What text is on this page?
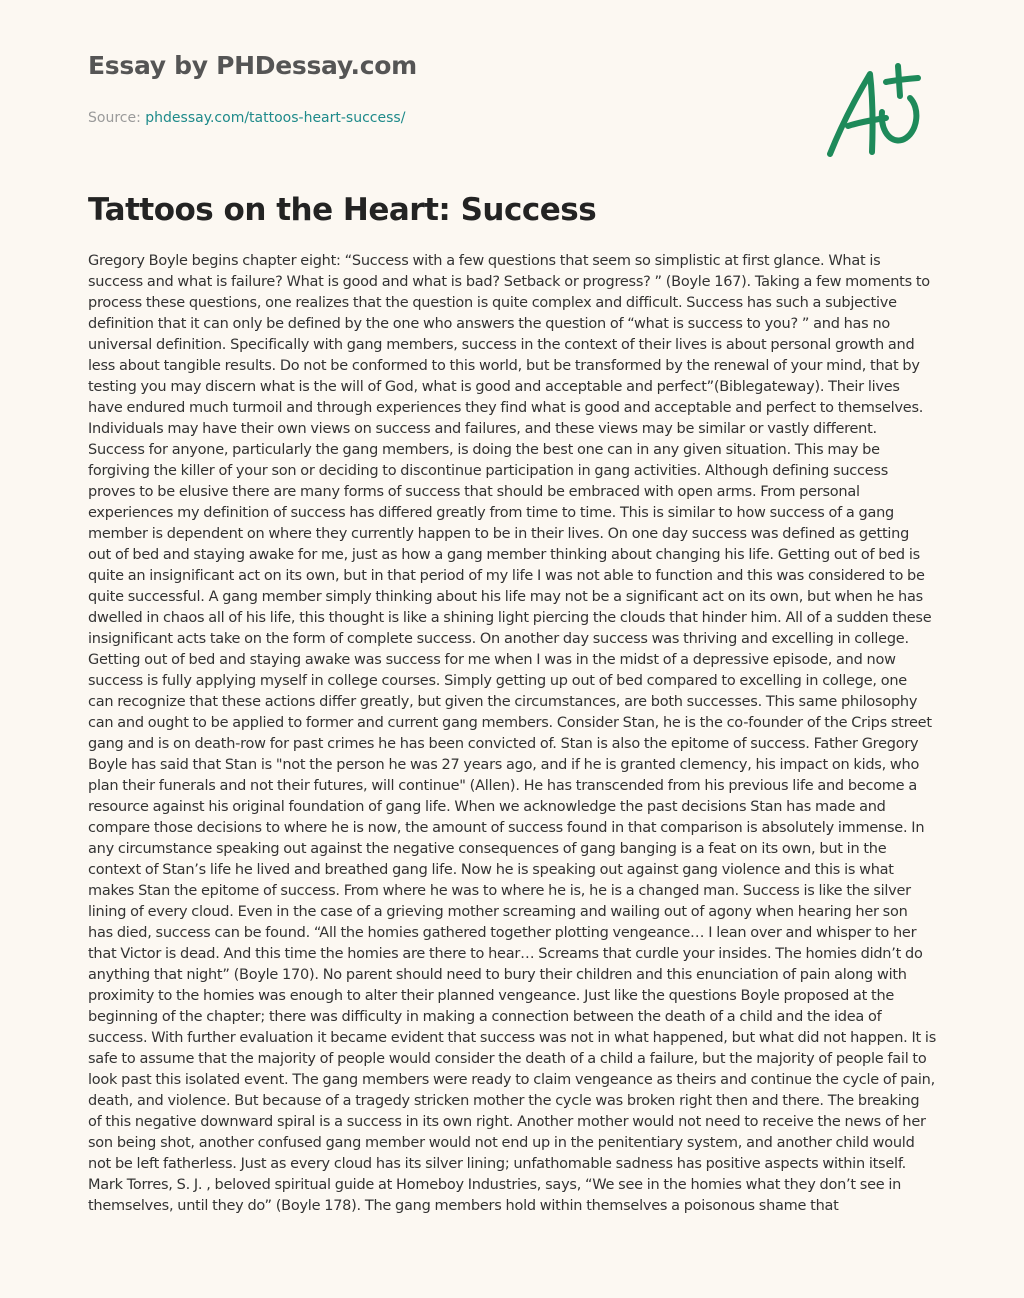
Essay by PHDessay.com
Source: phdessay.com/tattoos-heart-success/
Tattoos on the Heart: Success

Gregory Boyle begins chapter eight: “Success with a few questions that seem so simplistic at first glance. What is success and what is failure? What is good and what is bad? Setback or progress? ” (Boyle 167). Taking a few moments to process these questions, one realizes that the question is quite complex and difficult. Success has such a subjective definition that it can only be defined by the one who answers the question of “what is success to you? ” and has no universal definition. Specifically with gang members, success in the context of their lives is about personal growth and less about tangible results. Do not be conformed to this world, but be transformed by the renewal of your mind, that by testing you may discern what is the will of God, what is good and acceptable and perfect”(Biblegateway). Their lives have endured much turmoil and through experiences they find what is good and acceptable and perfect to themselves. Individuals may have their own views on success and failures, and these views may be similar or vastly different. Success for anyone, particularly the gang members, is doing the best one can in any given situation. This may be forgiving the killer of your son or deciding to discontinue participation in gang activities. Although defining success proves to be elusive there are many forms of success that should be embraced with open arms. From personal experiences my definition of success has differed greatly from time to time. This is similar to how success of a gang member is dependent on where they currently happen to be in their lives. On one day success was defined as getting out of bed and staying awake for me, just as how a gang member thinking about changing his life. Getting out of bed is quite an insignificant act on its own, but in that period of my life I was not able to function and this was considered to be quite successful. A gang member simply thinking about his life may not be a significant act on its own, but when he has dwelled in chaos all of his life, this thought is like a shining light piercing the clouds that hinder him. All of a sudden these insignificant acts take on the form of complete success. On another day success was thriving and excelling in college. Getting out of bed and staying awake was success for me when I was in the midst of a depressive episode, and now success is fully applying myself in college courses. Simply getting up out of bed compared to excelling in college, one can recognize that these actions differ greatly, but given the circumstances, are both successes. This same philosophy can and ought to be applied to former and current gang members. Consider Stan, he is the co-founder of the Crips street gang and is on death-row for past crimes he has been convicted of. Stan is also the epitome of success. Father Gregory Boyle has said that Stan is "not the person he was 27 years ago, and if he is granted clemency, his impact on kids, who plan their funerals and not their futures, will continue" (Allen). He has transcended from his previous life and become a resource against his original foundation of gang life. When we acknowledge the past decisions Stan has made and compare those decisions to where he is now, the amount of success found in that comparison is absolutely immense. In any circumstance speaking out against the negative consequences of gang banging is a feat on its own, but in the context of Stan’s life he lived and breathed gang life. Now he is speaking out against gang violence and this is what makes Stan the epitome of success. From where he was to where he is, he is a changed man. Success is like the silver lining of every cloud. Even in the case of a grieving mother screaming and wailing out of agony when hearing her son has died, success can be found. “All the homies gathered together plotting vengeance… I lean over and whisper to her that Victor is dead. And this time the homies are there to hear… Screams that curdle your insides. The homies didn’t do anything that night” (Boyle 170). No parent should need to bury their children and this enunciation of pain along with proximity to the homies was enough to alter their planned vengeance. Just like the questions Boyle proposed at the beginning of the chapter; there was difficulty in making a connection between the death of a child and the idea of success. With further evaluation it became evident that success was not in what happened, but what did not happen. It is safe to assume that the majority of people would consider the death of a child a failure, but the majority of people fail to look past this isolated event. The gang members were ready to claim vengeance as theirs and continue the cycle of pain, death, and violence. But because of a tragedy stricken mother the cycle was broken right then and there. The breaking of this negative downward spiral is a success in its own right. Another mother would not need to receive the news of her son being shot, another confused gang member would not end up in the penitentiary system, and another child would not be left fatherless. Just as every cloud has its silver lining; unfathomable sadness has positive aspects within itself. Mark Torres, S. J. , beloved spiritual guide at Homeboy Industries, says, “We see in the homies what they don’t see in themselves, until they do” (Boyle 178). The gang members hold within themselves a poisonous shame that
